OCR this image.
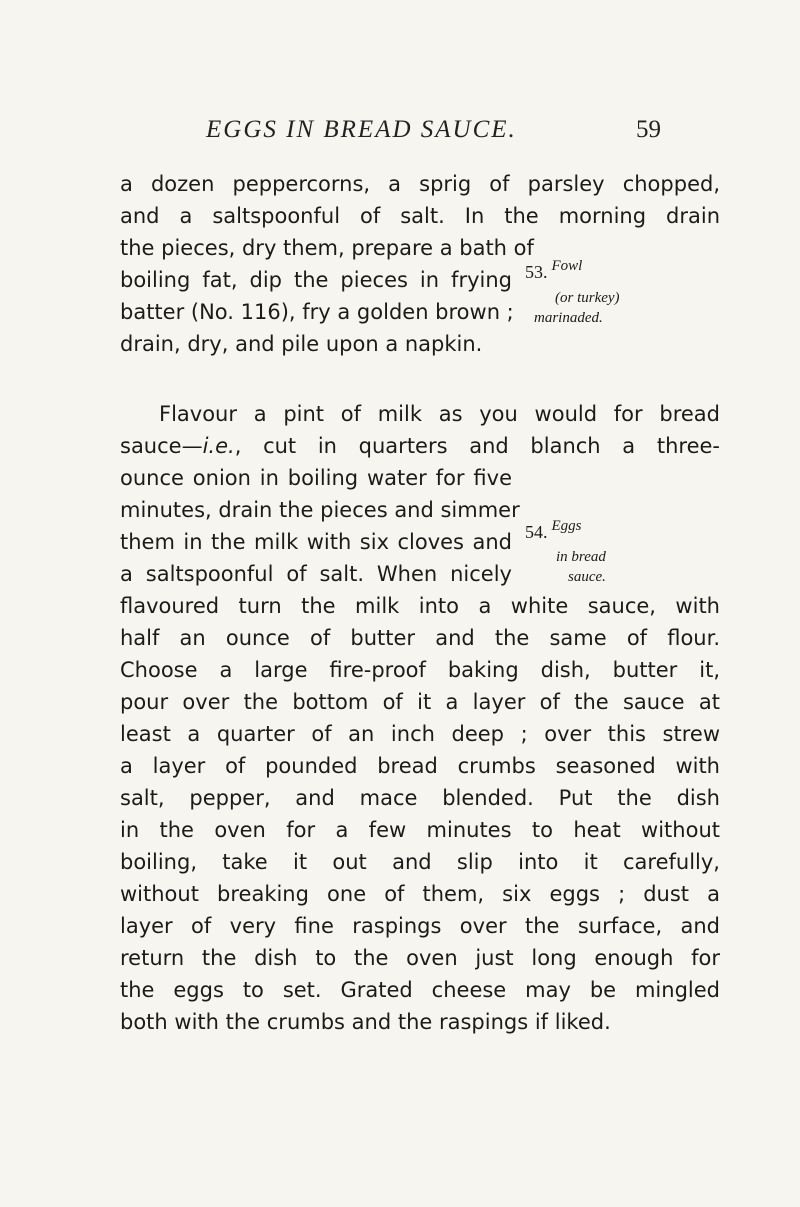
EGGS IN BREAD SAUCE.	59
a dozen peppercorns, a sprig of parsley chopped,
and a saltspoonful of salt. In the morning drain
the pieces, dry them, prepare a bath of
boiling fat, dip the pieces in frying
batter (No. 116), fry a golden brown ;
drain, dry, and pile upon a napkin.
53. Fowl
(or turkey)
marinaded.
Flavour a pint of milk as you would for bread
sauce—i.e., cut in quarters and blanch a three-
ounce onion in boiling water for five
minutes, drain the pieces and simmer
them in the milk with six cloves and
a saltspoonful of salt. When nicely
flavoured turn the milk into a white sauce, with
half an ounce of butter and the same of flour.
Choose a large fire-proof baking dish, butter it,
pour over the bottom of it a layer of the sauce at
least a quarter of an inch deep ; over this strew
a layer of pounded bread crumbs seasoned with
salt, pepper, and mace blended. Put the dish
in the oven for a few minutes to heat without
boiling, take it out and slip into it carefully,
without breaking one of them, six eggs ; dust a
layer of very fine raspings over the surface, and
return the dish to the oven just long enough for
the eggs to set. Grated cheese may be mingled
both with the crumbs and the raspings if liked.
54. Eggs
in bread
sauce.
